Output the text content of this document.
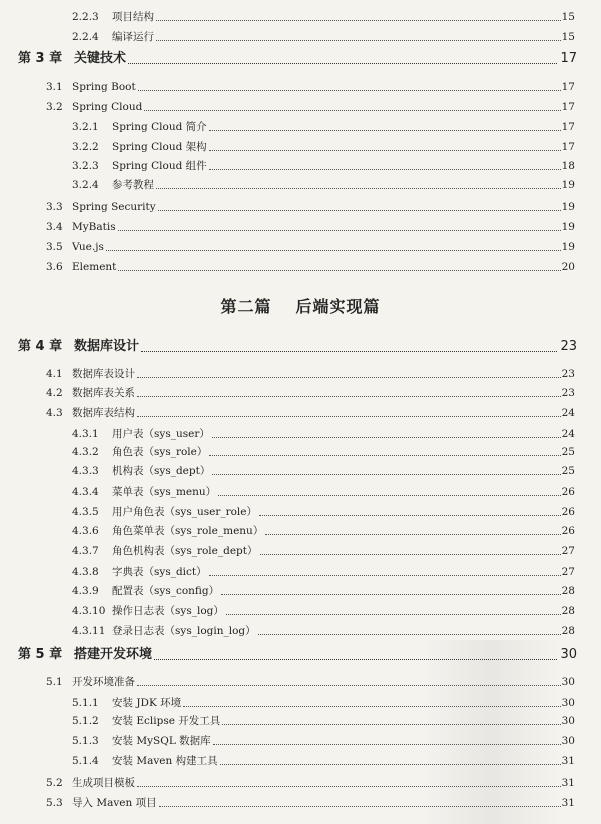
2.2.3 项目结构	15
2.2.4 编译运行	15
第 3 章 关键技术	17
3.1 Spring Boot	17
3.2 Spring Cloud	17
3.2.1 Spring Cloud 简介	17
3.2.2 Spring Cloud 架构	17
3.2.3 Spring Cloud 组件	18
3.2.4 参考教程	19
3.3 Spring Security	19
3.4 MyBatis	19
3.5 Vue.js	19
3.6 Element	20
第 4 章 数据库设计	23
4.1 数据库表设计	23
4.2 数据库表关系	23
4.3 数据库表结构	24
4.3.1 用户表（sys_user）	24
4.3.2 角色表（sys_role）	25
4.3.3 机构表（sys_dept）	25
4.3.4 菜单表（sys_menu）	26
4.3.5 用户角色表（sys_user_role）	26
4.3.6 角色菜单表（sys_role_menu）	26
4.3.7 角色机构表（sys_role_dept）	27
4.3.8 字典表（sys_dict）	27
4.3.9 配置表（sys_config）	28
4.3.10 操作日志表（sys_log）	28
4.3.11 登录日志表（sys_login_log）	28
第 5 章 搭建开发环境	30
5.1 开发环境准备	30
5.1.1 安装 JDK 环境	30
5.1.2 安装 Eclipse 开发工具	30
5.1.3 安装 MySQL 数据库	30
5.1.4 安装 Maven 构建工具	31
5.2 生成项目模板	31
5.3 导入 Maven 项目	31
第二篇 后端实现篇
